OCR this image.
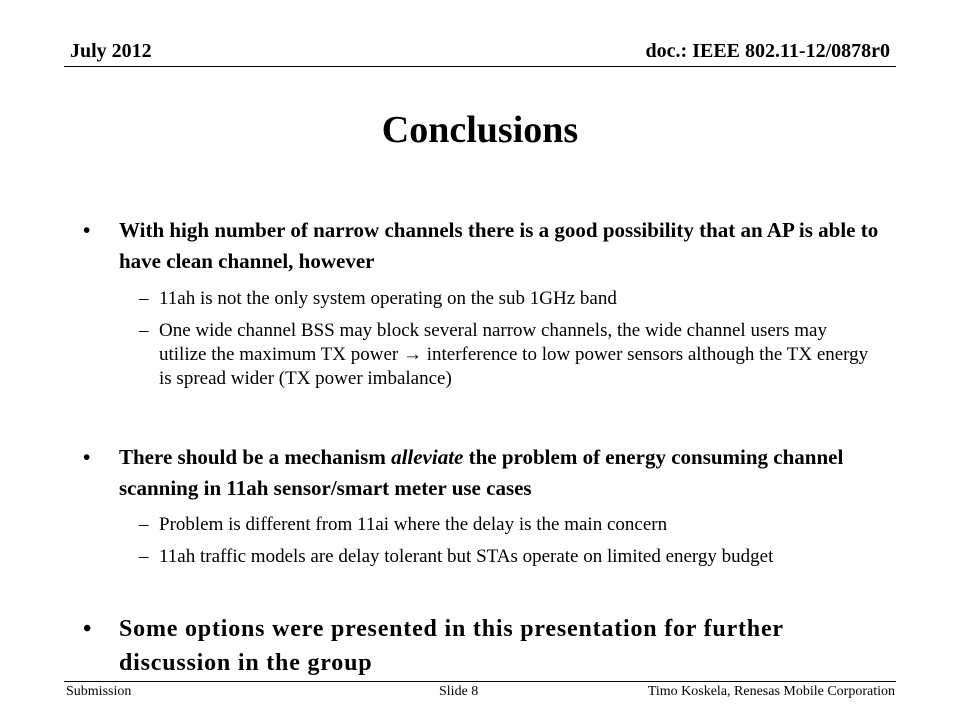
July 2012	doc.: IEEE 802.11-12/0878r0
Conclusions
• With high number of narrow channels there is a good possibility that an AP is able to have clean channel, however
– 11ah is not the only system operating on the sub 1GHz band
– One wide channel BSS may block several narrow channels, the wide channel users may utilize the maximum TX power → interference to low power sensors although the TX energy is spread wider (TX power imbalance)
• There should be a mechanism alleviate the problem of energy consuming channel scanning in 11ah sensor/smart meter use cases
– Problem is different from 11ai where the delay is the main concern
– 11ah traffic models are delay tolerant but STAs operate on limited energy budget
• Some options were presented in this presentation for further discussion in the group
Submission	Slide 8	Timo Koskela, Renesas Mobile Corporation
